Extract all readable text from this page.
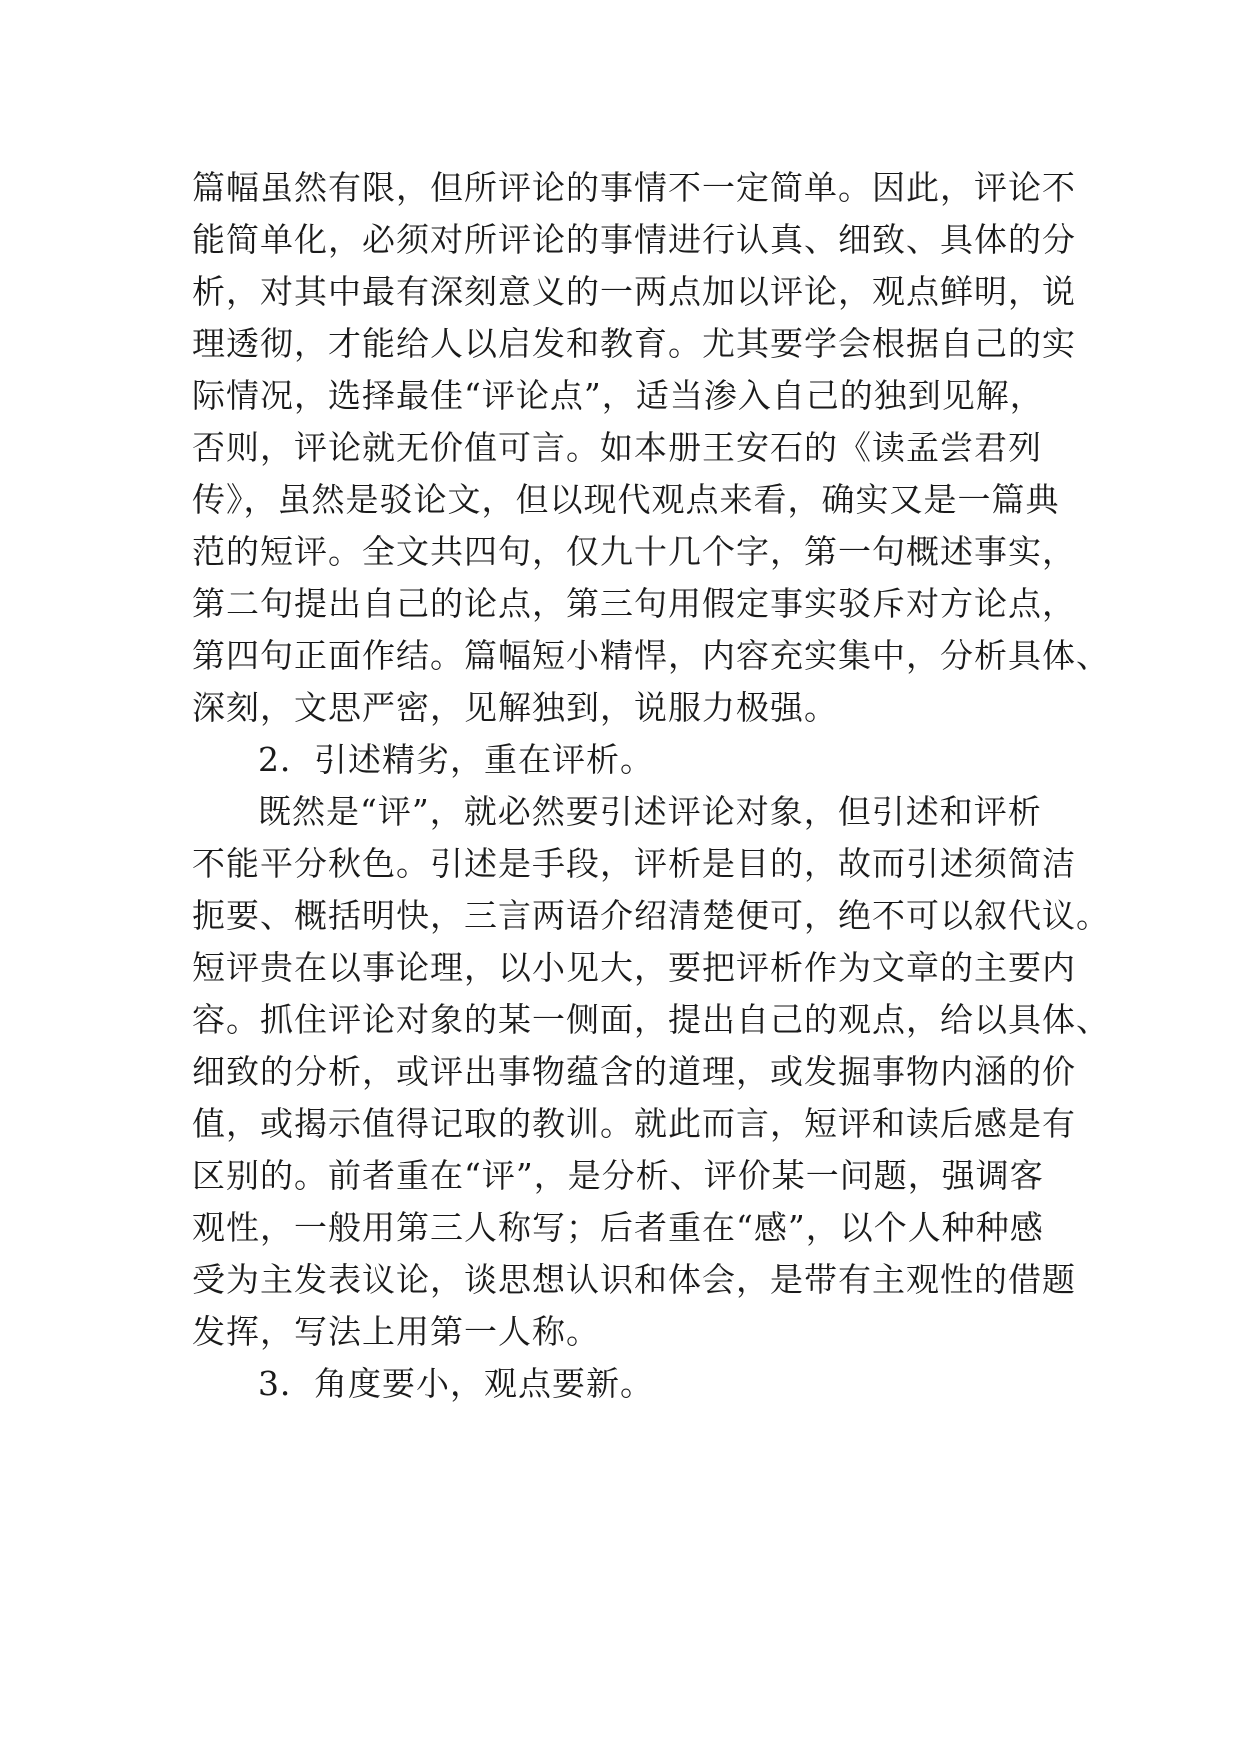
篇幅虽然有限，但所评论的事情不一定简单。因此，评论不
能简单化，必须对所评论的事情进行认真、细致、具体的分
析，对其中最有深刻意义的一两点加以评论，观点鲜明，说
理透彻，才能给人以启发和教育。尤其要学会根据自己的实
际情况，选择最佳“评论点”，适当渗入自己的独到见解，
否则，评论就无价值可言。如本册王安石的《读孟尝君列
传》，虽然是驳论文，但以现代观点来看，确实又是一篇典
范的短评。全文共四句，仅九十几个字，第一句概述事实，
第二句提出自己的论点，第三句用假定事实驳斥对方论点，
第四句正面作结。篇幅短小精悍，内容充实集中，分析具体、
深刻，文思严密，见解独到，说服力极强。
2．引述精劣，重在评析。
既然是“评”，就必然要引述评论对象，但引述和评析
不能平分秋色。引述是手段，评析是目的，故而引述须简洁
扼要、概括明快，三言两语介绍清楚便可，绝不可以叙代议。
短评贵在以事论理，以小见大，要把评析作为文章的主要内
容。抓住评论对象的某一侧面，提出自己的观点，给以具体、
细致的分析，或评出事物蕴含的道理，或发掘事物内涵的价
值，或揭示值得记取的教训。就此而言，短评和读后感是有
区别的。前者重在“评”，是分析、评价某一问题，强调客
观性，一般用第三人称写；后者重在“感”，以个人种种感
受为主发表议论，谈思想认识和体会，是带有主观性的借题
发挥，写法上用第一人称。
3．角度要小，观点要新。
